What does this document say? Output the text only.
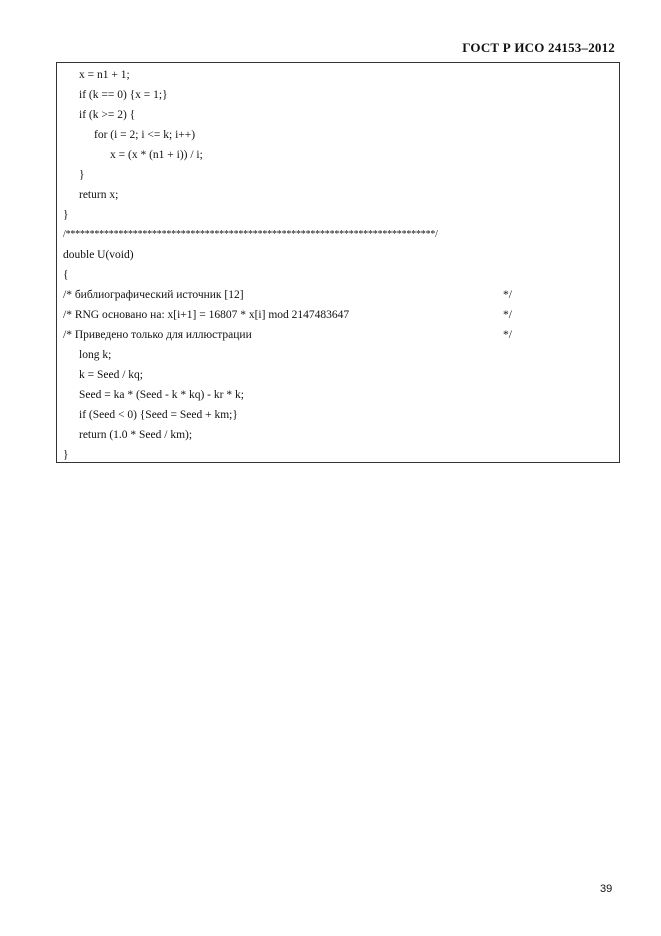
ГОСТ Р ИСО 24153–2012
x = n1 + 1;
if (k == 0) {x = 1;}
if (k >= 2) {
for (i = 2; i <= k; i++)
x = (x * (n1 + i)) / i;
}
return x;
}
/*****************************************************************************/
double U(void)
{
/* библиографический источник [12]	*/
/* RNG основано на: x[i+1] = 16807 * x[i] mod 2147483647	*/
/* Приведено только для иллюстрации	*/
long k;
k = Seed / kq;
Seed = ka * (Seed - k * kq) - kr * k;
if (Seed < 0) {Seed = Seed + km;}
return (1.0 * Seed / km);
}
39
